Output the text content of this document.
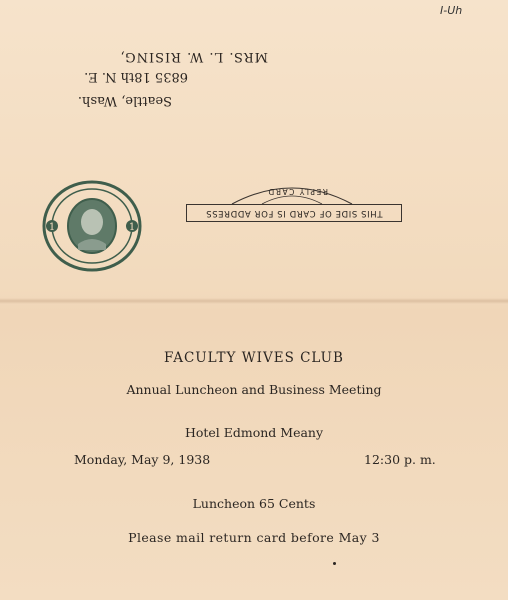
I-Uh
MRS. L. W. RISING,
6835 18th N. E.
Seattle, Wash.
THIS SIDE OF CARD IS FOR ADDRESS
REPLY CARD
1	1
FACULTY WIVES CLUB
Annual Luncheon and Business Meeting
Hotel Edmond Meany
Monday, May 9, 1938	12:30 p. m.
Luncheon 65 Cents
Please mail return card before May 3
